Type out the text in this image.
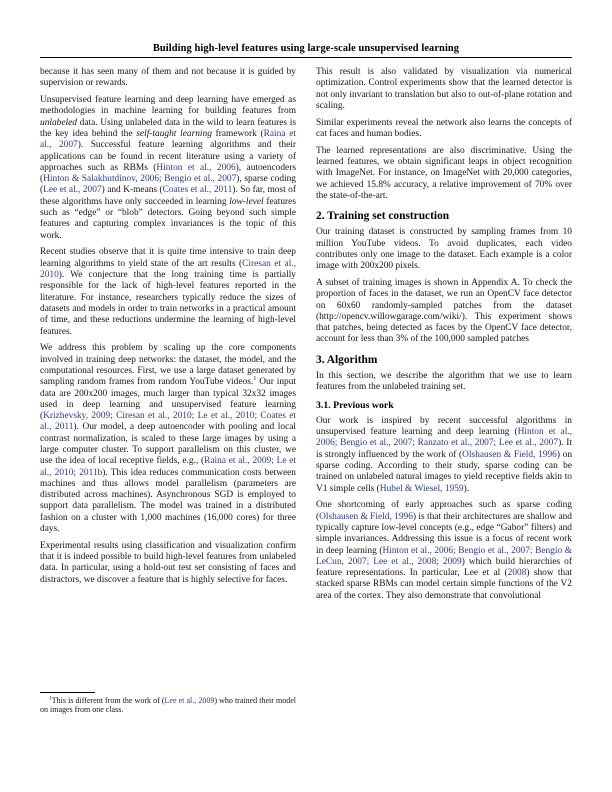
Building high-level features using large-scale unsupervised learning

because it has seen many of them and not because it is guided by supervision or rewards.

Unsupervised feature learning and deep learning have emerged as methodologies in machine learning for building features from unlabeled data. Using unlabeled data in the wild to learn features is the key idea behind the self-taught learning framework (Raina et al., 2007). Successful feature learning algorithms and their applications can be found in recent literature using a variety of approaches such as RBMs (Hinton et al., 2006), autoencoders (Hinton & Salakhutdinov, 2006; Bengio et al., 2007), sparse coding (Lee et al., 2007) and K-means (Coates et al., 2011). So far, most of these algorithms have only succeeded in learning low-level features such as “edge” or “blob” detectors. Going beyond such simple features and capturing complex invariances is the topic of this work.

Recent studies observe that it is quite time intensive to train deep learning algorithms to yield state of the art results (Ciresan et al., 2010). We conjecture that the long training time is partially responsible for the lack of high-level features reported in the literature. For instance, researchers typically reduce the sizes of datasets and models in order to train networks in a practical amount of time, and these reductions undermine the learning of high-level features.

We address this problem by scaling up the core components involved in training deep networks: the dataset, the model, and the computational resources. First, we use a large dataset generated by sampling random frames from random YouTube videos.$^1$ Our input data are 200x200 images, much larger than typical 32x32 images used in deep learning and unsupervised feature learning (Krizhevsky, 2009; Ciresan et al., 2010; Le et al., 2010; Coates et al., 2011). Our model, a deep autoencoder with pooling and local contrast normalization, is scaled to these large images by using a large computer cluster. To support parallelism on this cluster, we use the idea of local receptive fields, e.g., (Raina et al., 2009; Le et al., 2010; 2011b). This idea reduces communication costs between machines and thus allows model parallelism (parameters are distributed across machines). Asynchronous SGD is employed to support data parallelism. The model was trained in a distributed fashion on a cluster with 1,000 machines (16,000 cores) for three days.

Experimental results using classification and visualization confirm that it is indeed possible to build high-level features from unlabeled data. In particular, using a hold-out test set consisting of faces and distractors, we discover a feature that is highly selective for faces.

$^1$This is different from the work of (Lee et al., 2009) who trained their model on images from one class.

This result is also validated by visualization via numerical optimization. Control experiments show that the learned detector is not only invariant to translation but also to out-of-plane rotation and scaling.

Similar experiments reveal the network also learns the concepts of cat faces and human bodies.

The learned representations are also discriminative. Using the learned features, we obtain significant leaps in object recognition with ImageNet. For instance, on ImageNet with 20,000 categories, we achieved 15.8% accuracy, a relative improvement of 70% over the state-of-the-art.

2. Training set construction

Our training dataset is constructed by sampling frames from 10 million YouTube videos. To avoid duplicates, each video contributes only one image to the dataset. Each example is a color image with 200x200 pixels.

A subset of training images is shown in Appendix A. To check the proportion of faces in the dataset, we run an OpenCV face detector on 60x60 randomly-sampled patches from the dataset (http://opencv.willowgarage.com/wiki/). This experiment shows that patches, being detected as faces by the OpenCV face detector, account for less than 3% of the 100,000 sampled patches

3. Algorithm

In this section, we describe the algorithm that we use to learn features from the unlabeled training set.

3.1. Previous work

Our work is inspired by recent successful algorithms in unsupervised feature learning and deep learning (Hinton et al., 2006; Bengio et al., 2007; Ranzato et al., 2007; Lee et al., 2007). It is strongly influenced by the work of (Olshausen & Field, 1996) on sparse coding. According to their study, sparse coding can be trained on unlabeled natural images to yield receptive fields akin to V1 simple cells (Hubel & Wiesel, 1959).

One shortcoming of early approaches such as sparse coding (Olshausen & Field, 1996) is that their architectures are shallow and typically capture low-level concepts (e.g., edge “Gabor” filters) and simple invariances. Addressing this issue is a focus of recent work in deep learning (Hinton et al., 2006; Bengio et al., 2007; Bengio & LeCun, 2007; Lee et al., 2008; 2009) which build hierarchies of feature representations. In particular, Lee et al (2008) show that stacked sparse RBMs can model certain simple functions of the V2 area of the cortex. They also demonstrate that convolutional
